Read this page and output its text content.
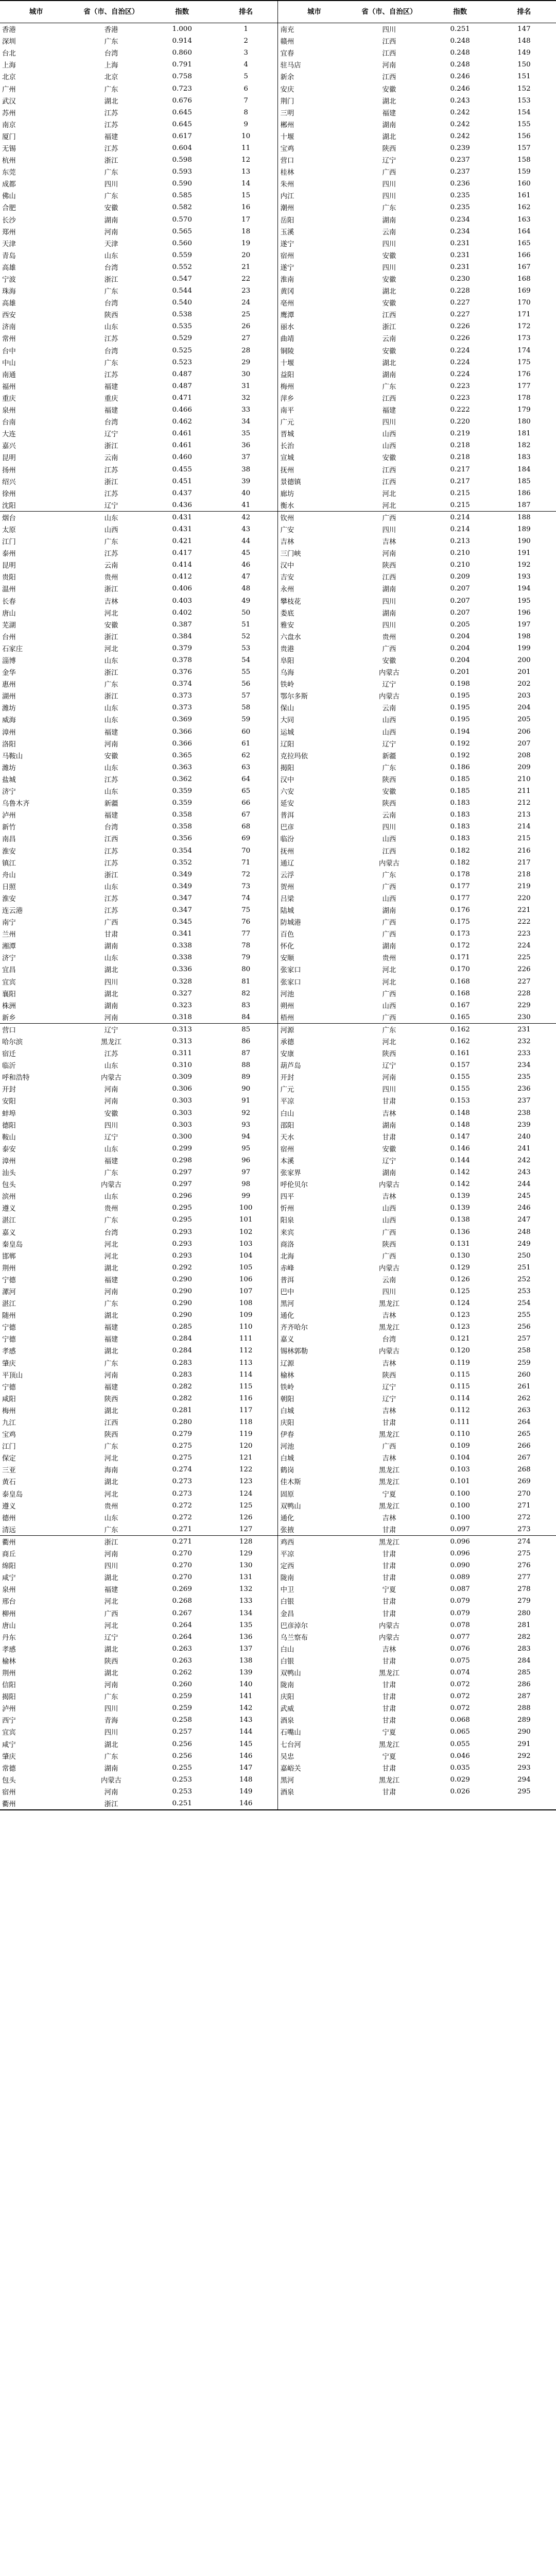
城市	省（市、自治区）	指数	排名	城市	省（市、自治区）	指数	排名
香港	香港	1.000	1	南充	四川	0.251	147
深圳	广东	0.914	2	赣州	江西	0.248	148
台北	台湾	0.860	3	宜春	江西	0.248	149
上海	上海	0.791	4	驻马店	河南	0.248	150
北京	北京	0.758	5	新余	江西	0.246	151
广州	广东	0.723	6	安庆	安徽	0.246	152
武汉	湖北	0.676	7	荆门	湖北	0.243	153
苏州	江苏	0.645	8	三明	福建	0.242	154
南京	江苏	0.645	9	郴州	湖南	0.242	155
厦门	福建	0.617	10	十堰	湖北	0.242	156
无锡	江苏	0.604	11	宝鸡	陕西	0.239	157
杭州	浙江	0.598	12	营口	辽宁	0.237	158
东莞	广东	0.593	13	桂林	广西	0.237	159
成都	四川	0.590	14	朱州	四川	0.236	160
佛山	广东	0.585	15	内江	四川	0.235	161
合肥	安徽	0.582	16	潮州	广东	0.235	162
长沙	湖南	0.570	17	岳阳	湖南	0.234	163
郑州	河南	0.565	18	玉溪	云南	0.234	164
天津	天津	0.560	19	遂宁	四川	0.231	165
青岛	山东	0.559	20	宿州	安徽	0.231	166
高雄	台湾	0.552	21	遂宁	四川	0.231	167
宁波	浙江	0.547	22	淮南	安徽	0.230	168
珠海	广东	0.544	23	黄冈	湖北	0.228	169
高雄	台湾	0.540	24	亳州	安徽	0.227	170
西安	陕西	0.538	25	鹰潭	江西	0.227	171
济南	山东	0.535	26	丽水	浙江	0.226	172
常州	江苏	0.529	27	曲靖	云南	0.226	173
台中	台湾	0.525	28	铜陵	安徽	0.224	174
中山	广东	0.523	29	十堰	湖北	0.224	175
南通	江苏	0.487	30	益阳	湖南	0.224	176
福州	福建	0.487	31	梅州	广东	0.223	177
重庆	重庆	0.471	32	萍乡	江西	0.223	178
泉州	福建	0.466	33	南平	福建	0.222	179
台南	台湾	0.462	34	广元	四川	0.220	180
大连	辽宁	0.461	35	晋城	山西	0.219	181
嘉兴	浙江	0.461	36	长治	山西	0.218	182
昆明	云南	0.460	37	宣城	安徽	0.218	183
扬州	江苏	0.455	38	抚州	江西	0.217	184
绍兴	浙江	0.451	39	景德镇	江西	0.217	185
徐州	江苏	0.437	40	廊坊	河北	0.215	186
沈阳	辽宁	0.436	41	衡水	河北	0.215	187
烟台	山东	0.431	42	钦州	广西	0.214	188
太原	山西	0.431	43	广安	四川	0.214	189
江门	广东	0.421	44	吉林	吉林	0.213	190
泰州	江苏	0.417	45	三门峡	河南	0.210	191
昆明	云南	0.414	46	汉中	陕西	0.210	192
贵阳	贵州	0.412	47	吉安	江西	0.209	193
温州	浙江	0.406	48	永州	湖南	0.207	194
长春	吉林	0.403	49	攀枝花	四川	0.207	195
唐山	河北	0.402	50	娄底	湖南	0.207	196
芜湖	安徽	0.387	51	雅安	四川	0.205	197
台州	浙江	0.384	52	六盘水	贵州	0.204	198
石家庄	河北	0.379	53	贵港	广西	0.204	199
淄博	山东	0.378	54	阜阳	安徽	0.204	200
金华	浙江	0.376	55	乌海	内蒙古	0.201	201
惠州	广东	0.374	56	铁岭	辽宁	0.198	202
湖州	浙江	0.373	57	鄂尔多斯	内蒙古	0.195	203
潍坊	山东	0.373	58	保山	云南	0.195	204
威海	山东	0.369	59	大同	山西	0.195	205
漳州	福建	0.366	60	运城	山西	0.194	206
洛阳	河南	0.366	61	辽阳	辽宁	0.192	207
马鞍山	安徽	0.365	62	克拉玛依	新疆	0.192	208
潍坊	山东	0.363	63	揭阳	广东	0.186	209
盐城	江苏	0.362	64	汉中	陕西	0.185	210
济宁	山东	0.359	65	六安	安徽	0.185	211
乌鲁木齐	新疆	0.359	66	延安	陕西	0.183	212
泸州	福建	0.358	67	普洱	云南	0.183	213
新竹	台湾	0.358	68	巴彦	四川	0.183	214
南昌	江西	0.356	69	临汾	山西	0.183	215
淮安	江苏	0.354	70	抚州	江西	0.182	216
镇江	江苏	0.352	71	通辽	内蒙古	0.182	217
舟山	浙江	0.349	72	云浮	广东	0.178	218
日照	山东	0.349	73	贺州	广西	0.177	219
淮安	江苏	0.347	74	吕梁	山西	0.177	220
连云港	江苏	0.347	75	陆城	湖南	0.176	221
南宁	广西	0.345	76	防城港	广西	0.175	222
兰州	甘肃	0.341	77	百色	广西	0.173	223
湘潭	湖南	0.338	78	怀化	湖南	0.172	224
济宁	山东	0.338	79	安顺	贵州	0.171	225
宜昌	湖北	0.336	80	张家口	河北	0.170	226
宜宾	四川	0.328	81	张家口	河北	0.168	227
襄阳	湖北	0.327	82	河池	广西	0.168	228
株洲	湖南	0.323	83	朔州	山西	0.167	229
新乡	河南	0.318	84	梧州	广西	0.165	230
营口	辽宁	0.313	85	河源	广东	0.162	231
哈尔滨	黑龙江	0.313	86	承德	河北	0.162	232
宿迁	江苏	0.311	87	安康	陕西	0.161	233
临沂	山东	0.310	88	葫芦岛	辽宁	0.157	234
呼和浩特	内蒙古	0.309	89	开封	河南	0.155	235
开封	河南	0.306	90	广元	四川	0.155	236
安阳	河南	0.303	91	平凉	甘肃	0.153	237
蚌埠	安徽	0.303	92	白山	吉林	0.148	238
德阳	四川	0.303	93	邵阳	湖南	0.148	239
鞍山	辽宁	0.300	94	天水	甘肃	0.147	240
泰安	山东	0.299	95	宿州	安徽	0.146	241
漳州	福建	0.298	96	本溪	辽宁	0.144	242
汕头	广东	0.297	97	张家界	湖南	0.142	243
包头	内蒙古	0.297	98	呼伦贝尔	内蒙古	0.142	244
滨州	山东	0.296	99	四平	吉林	0.139	245
遵义	贵州	0.295	100	忻州	山西	0.139	246
湛江	广东	0.295	101	阳泉	山西	0.138	247
嘉义	台湾	0.293	102	来宾	广西	0.136	248
秦皇岛	河北	0.293	103	商洛	陕西	0.131	249
邯郸	河北	0.293	104	北海	广西	0.130	250
荆州	湖北	0.292	105	赤峰	内蒙古	0.129	251
宁德	福建	0.290	106	普洱	云南	0.126	252
漯河	河南	0.290	107	巴中	四川	0.125	253
湛江	广东	0.290	108	黑河	黑龙江	0.124	254
随州	湖北	0.290	109	通化	吉林	0.123	255
宁德	福建	0.285	110	齐齐哈尔	黑龙江	0.123	256
宁德	福建	0.284	111	嘉义	台湾	0.121	257
孝感	湖北	0.284	112	锡林郭勒	内蒙古	0.120	258
肇庆	广东	0.283	113	辽源	吉林	0.119	259
平顶山	河南	0.283	114	榆林	陕西	0.115	260
宁德	福建	0.282	115	铁岭	辽宁	0.115	261
咸阳	陕西	0.282	116	朝阳	辽宁	0.114	262
梅州	湖北	0.281	117	白城	吉林	0.112	263
九江	江西	0.280	118	庆阳	甘肃	0.111	264
宝鸡	陕西	0.279	119	伊春	黑龙江	0.110	265
江门	广东	0.275	120	河池	广西	0.109	266
保定	河北	0.275	121	白城	吉林	0.104	267
三亚	海南	0.274	122	鹤岗	黑龙江	0.103	268
黄石	湖北	0.273	123	佳木斯	黑龙江	0.101	269
泰皇岛	河北	0.273	124	固原	宁夏	0.100	270
遵义	贵州	0.272	125	双鸭山	黑龙江	0.100	271
德州	山东	0.272	126	通化	吉林	0.100	272
清远	广东	0.271	127	张掖	甘肃	0.097	273
衢州	浙江	0.271	128	鸡西	黑龙江	0.096	274
商丘	河南	0.270	129	平凉	甘肃	0.096	275
绵阳	四川	0.270	130	定西	甘肃	0.090	276
咸宁	湖北	0.270	131	陇南	甘肃	0.089	277
泉州	福建	0.269	132	中卫	宁夏	0.087	278
邢台	河北	0.268	133	白银	甘肃	0.079	279
柳州	广西	0.267	134	金昌	甘肃	0.079	280
唐山	河北	0.264	135	巴彦淖尔	内蒙古	0.078	281
丹东	辽宁	0.264	136	乌兰察布	内蒙古	0.077	282
孝感	湖北	0.263	137	白山	吉林	0.076	283
榆林	陕西	0.263	138	白银	甘肃	0.075	284
荆州	湖北	0.262	139	双鸭山	黑龙江	0.074	285
信阳	河南	0.260	140	陇南	甘肃	0.072	286
揭阳	广东	0.259	141	庆阳	甘肃	0.072	287
泸州	四川	0.259	142	武威	甘肃	0.072	288
西宁	青海	0.258	143	酒泉	甘肃	0.068	289
宜宾	四川	0.257	144	石嘴山	宁夏	0.065	290
咸宁	湖北	0.256	145	七台河	黑龙江	0.055	291
肇庆	广东	0.256	146	吴忠	宁夏	0.046	292
常德	湖南	0.255	147	嘉峪关	甘肃	0.035	293
包头	内蒙古	0.253	148	黑河	黑龙江	0.029	294
宿州	河南	0.253	149	酒泉	甘肃	0.026	295
衢州	浙江	0.251	146				
